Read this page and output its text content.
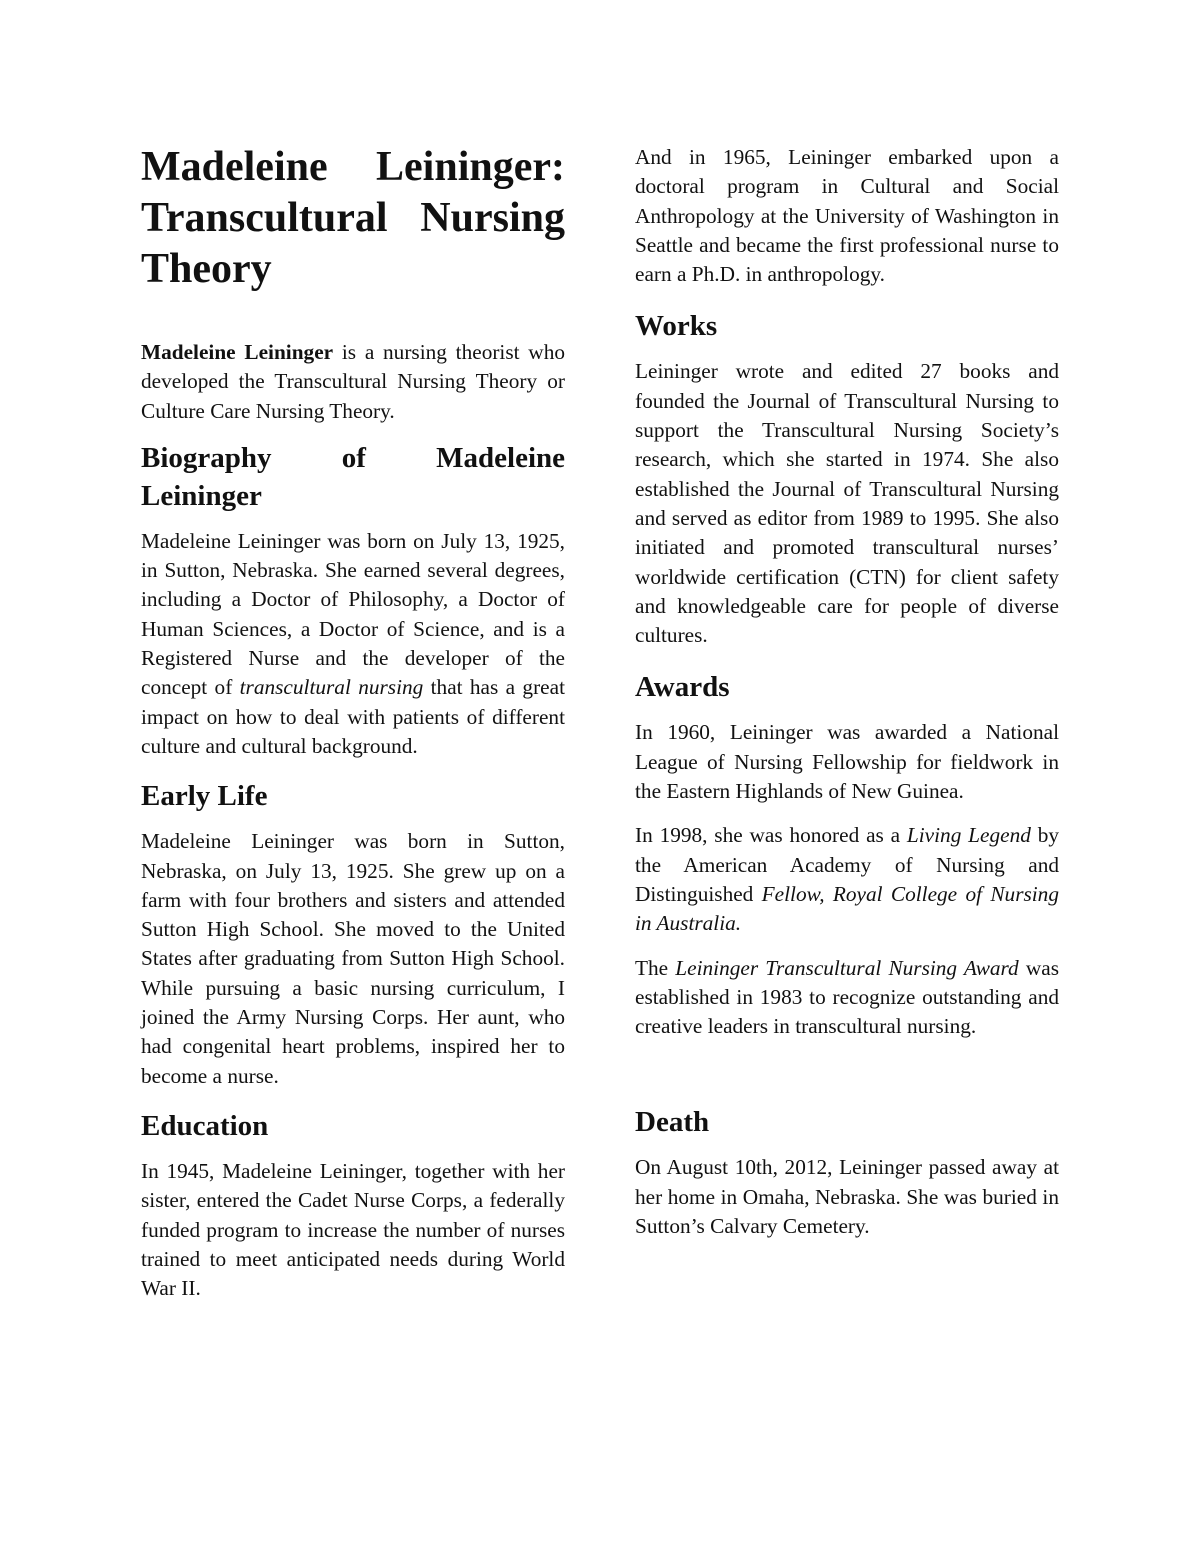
Madeleine Leininger: Transcultural Nursing Theory

Madeleine Leininger is a nursing theorist who developed the Transcultural Nursing Theory or Culture Care Nursing Theory.

Biography of Madeleine Leininger

Madeleine Leininger was born on July 13, 1925, in Sutton, Nebraska. She earned several degrees, including a Doctor of Philosophy, a Doctor of Human Sciences, a Doctor of Science, and is a Registered Nurse and the developer of the concept of transcultural nursing that has a great impact on how to deal with patients of different culture and cultural background.

Early Life

Madeleine Leininger was born in Sutton, Nebraska, on July 13, 1925. She grew up on a farm with four brothers and sisters and attended Sutton High School. She moved to the United States after graduating from Sutton High School. While pursuing a basic nursing curriculum, I joined the Army Nursing Corps. Her aunt, who had congenital heart problems, inspired her to become a nurse.

Education

In 1945, Madeleine Leininger, together with her sister, entered the Cadet Nurse Corps, a federally funded program to increase the number of nurses trained to meet anticipated needs during World War II.

And in 1965, Leininger embarked upon a doctoral program in Cultural and Social Anthropology at the University of Washington in Seattle and became the first professional nurse to earn a Ph.D. in anthropology.

Works

Leininger wrote and edited 27 books and founded the Journal of Transcultural Nursing to support the Transcultural Nursing Society’s research, which she started in 1974. She also established the Journal of Transcultural Nursing and served as editor from 1989 to 1995. She also initiated and promoted transcultural nurses’ worldwide certification (CTN) for client safety and knowledgeable care for people of diverse cultures.

Awards

In 1960, Leininger was awarded a National League of Nursing Fellowship for fieldwork in the Eastern Highlands of New Guinea.

In 1998, she was honored as a Living Legend by the American Academy of Nursing and Distinguished Fellow, Royal College of Nursing in Australia.

The Leininger Transcultural Nursing Award was established in 1983 to recognize outstanding and creative leaders in transcultural nursing.

Death

On August 10th, 2012, Leininger passed away at her home in Omaha, Nebraska. She was buried in Sutton’s Calvary Cemetery.
